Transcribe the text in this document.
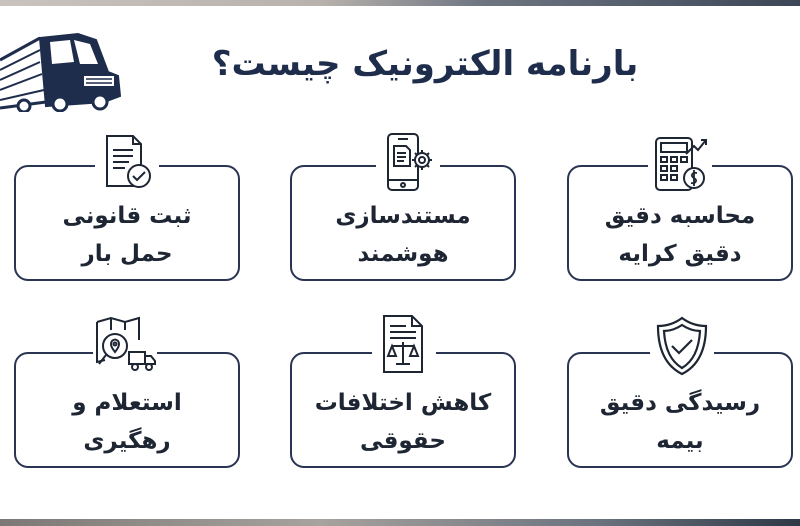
بارنامه الکترونیک چیست؟
محاسبه دقیق
دقیق کرایه
مستندسازی
هوشمند
ثبت قانونی
حمل بار
رسیدگی دقیق
بیمه
کاهش اختلافات
حقوقی
استعلام و
رهگیری
